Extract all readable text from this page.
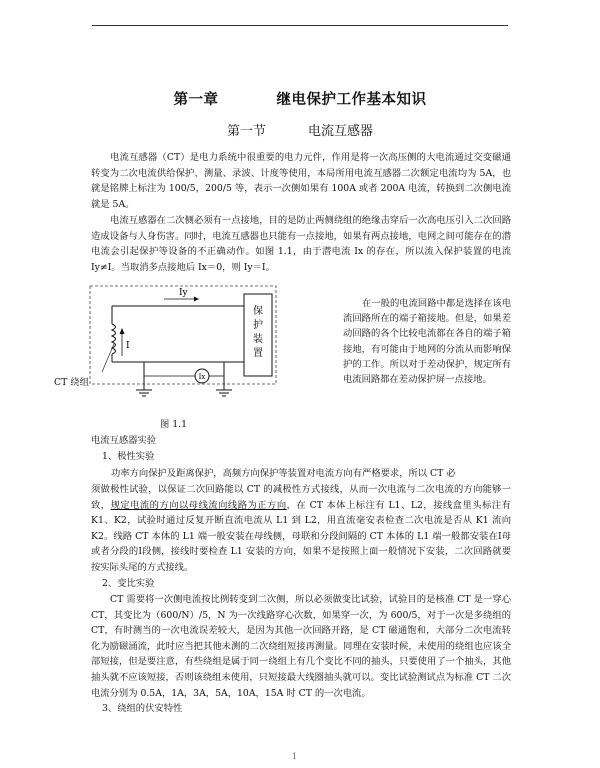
第一章	继电保护工作基本知识
第一节	电流互感器

电流互感器（CT）是电力系统中很重要的电力元件，作用是将一次高压侧的大电流通过交变磁通转变为二次电流供给保护、测量、录波、计度等使用，本局所用电流互感器二次额定电流均为 5A，也就是铭牌上标注为 100/5，200/5 等，表示一次侧如果有 100A 或者 200A 电流，转换到二次侧电流就是 5A。

电流互感器在二次侧必须有一点接地，目的是防止两侧绕组的绝缘击穿后一次高电压引入二次回路造成设备与人身伤害。同时，电流互感器也只能有一点接地，如果有两点接地，电网之间可能存在的潜电流会引起保护等设备的不正确动作。如图 1.1，由于潜电流 Ix 的存在，所以流入保护装置的电流 Iy≠I。当取消多点接地后 Ix＝0，则 Iy＝I。

保
护
装
置
Iy
I
Ix
CT 绕组

在一般的电流回路中都是选择在该电流回路所在的端子箱接地。但是，如果差动回路的各个比较电流都在各自的端子箱接地，有可能由于地网的分流从而影响保护的工作。所以对于差动保护，规定所有电流回路都在差动保护屏一点接地。

图 1.1

电流互感器实验

1、极性实验

功率方向保护及距离保护，高频方向保护等装置对电流方向有严格要求，所以 CT 必

须做极性试验，以保证二次回路能以 CT 的减极性方式接线，从而一次电流与二次电流的方向能够一致，规定电流的方向以母线流向线路为正方向，在 CT 本体上标注有 L1、L2，接线盒里头标注有 K1、K2，试验时通过反复开断直流电流从 L1 到 L2，用直流毫安表检查二次电流是否从 K1 流向 K2。线路 CT 本体的 L1 端一般安装在母线侧，母联和分段间隔的 CT 本体的 L1 端一般都安装在Ⅰ母或者分段的Ⅰ段侧，接线时要检查 L1 安装的方向，如果不是按照上面一般情况下安装，二次回路就要按实际头尾的方式接线。

CT 需要将一次侧电流按比例转变到二次侧，所以必须做变比试验，试验目的是核准 CT 是一穿心 CT，其变比为（600/N）/5，N 为一次线路穿心次数，如果穿一次，为 600/5，对于一次是多绕组的 CT，有时测当的一次电流误差较大，是因为其他一次回路开路，是 CT 磁通饱和，大部分二次电流转化为励磁涌流，此时应当把其他未测的二次绕组短接再测量。同理在安装时候，未使用的绕组也应该全部短接，但是要注意，有些绕组是属于同一绕组上有几个变比不同的抽头，只要使用了一个抽头，其他抽头就不应该短接，否则该绕组未使用，只短接最大线圈抽头就可以。变比试验测试点为标准 CT 二次电流分别为 0.5A，1A，3A，5A，10A，15A 时 CT 的一次电流。

3、绕组的伏安特性

1
2、变比实验
